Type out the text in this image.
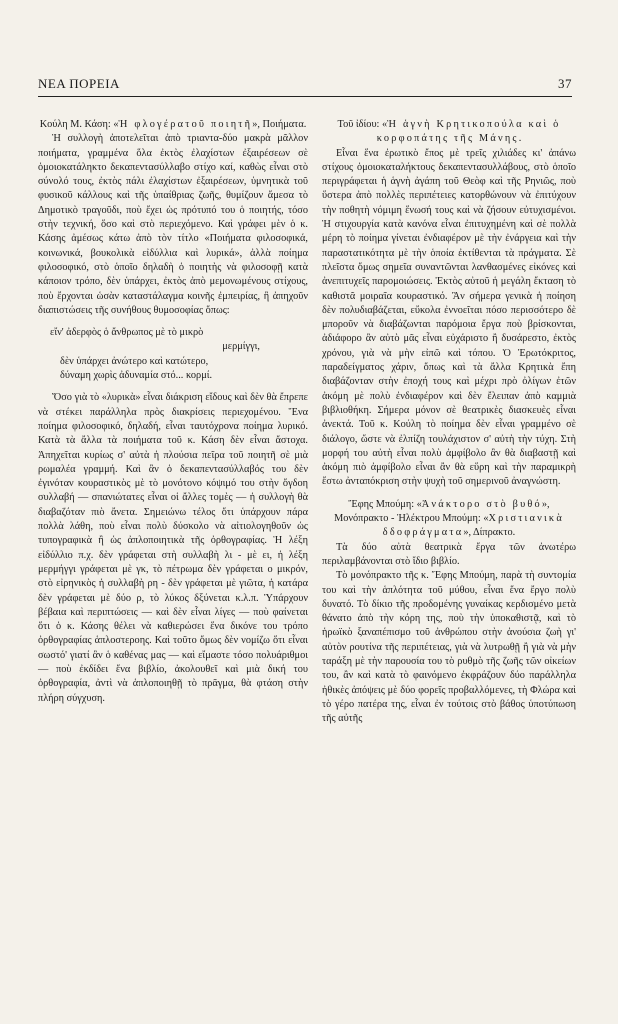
ΝΕΑ ΠΟΡΕΙΑ	37

Κούλη Μ. Κάση: «Ἡ φλογέρατοῦ ποιητῆ», Ποιήματα.

Ἡ συλλογὴ ἀποτελεῖται ἀπὸ τριαντα-δύο μακρὰ μᾶλλον ποιήματα, γραμμένα ὅλα ἐκτὸς ἐλαχίστων ἐξαιρέσεων σὲ ὁμοιοκατάληκτο δεκαπεντασύλλαβο στίχο καί, καθὼς εἶναι στὸ σύνολό τους, ἐκτὸς πάλι ἐλαχίστων ἐξαιρέσεων, ὑμνητικὰ τοῦ φυσικοῦ κάλλους καὶ τῆς ὑπαίθριας ζωῆς, θυμίζουν ἄμεσα τὸ Δημοτικὸ τραγοῦδι, ποὺ ἔχει ὡς πρότυπό του ὁ ποιητής, τόσο στὴν τεχνική, ὅσο καὶ στὸ περιεχόμενο. Καὶ γράφει μὲν ὁ κ. Κάσης ἀμέσως κάτω ἀπὸ τὸν τίτλο «Ποιήματα φιλοσοφικά, κοινωνικά, βουκολικὰ εἰδύλλια καὶ λυρικά», ἀλλὰ ποίημα φιλοσοφικό, στὸ ὁποῖο δηλαδὴ ὁ ποιητὴς νὰ φιλοσοφῇ κατὰ κάποιον τρόπο, δὲν ὑπάρχει, ἐκτὸς ἀπὸ μεμονωμένους στίχους, ποὺ ἔρχονται ὡσὰν καταστάλαγμα κοινῆς ἐμπειρίας, ἢ ἀπηχοῦν διαπιστώσεις τῆς συνήθους θυμοσοφίας ὅπως:

εἴν' ἀδερφὸς ὁ ἄνθρωπος μὲ τὸ μικρὸ
μερμίγγι,
δὲν ὑπάρχει ἀνώτερο καὶ κατώτερο,
δύναμη χωρὶς ἀδυναμία στό... κορμί.

Ὅσο γιὰ τὸ «λυρικὰ» εἶναι διάκριση εἴδους καὶ δὲν θὰ ἔπρεπε νὰ στέκει παράλληλα πρὸς διακρίσεις περιεχομένου. Ἕνα ποίημα φιλοσοφικό, δηλαδή, εἶναι ταυτόχρονα ποίημα λυρικό. Κατὰ τὰ ἄλλα τὰ ποιήματα τοῦ κ. Κάση δὲν εἶναι ἄστοχα. Ἀπηχεῖται κυρίως σ' αὐτὰ ἡ πλούσια πεῖρα τοῦ ποιητῆ σὲ μιὰ ρωμαλέα γραμμή. Καὶ ἂν ὁ δεκαπεντασύλλαβός του δὲν ἐγινόταν κουραστικὸς μὲ τὸ μονότονο κόψιμό του στὴν ὄγδοη συλλαβή — σπανιώτατες εἶναι οἱ ἄλλες τομὲς — ἡ συλλογὴ θὰ διαβαζόταν πιὸ ἄνετα. Σημειώνω τέλος ὅτι ὑπάρχουν πάρα πολλὰ λάθη, ποὺ εἶναι πολὺ δύσκολο νὰ αἰτιολογηθοῦν ὡς τυπογραφικὰ ἢ ὡς ἀπλοποιητικὰ τῆς ὀρθογραφίας. Ἡ λέξη εἰδύλλιο π.χ. δὲν γράφεται στὴ συλλαβὴ λι - μὲ ει, ἡ λέξη μερμήγγι γράφεται μὲ γκ, τὸ πέτρωμα δὲν γράφεται ο μικρόν, στὸ εἰρηνικὸς ἡ συλλαβὴ ρη - δὲν γράφεται μὲ γιῶτα, ἡ κατάρα δὲν γράφεται μὲ δύο ρ, τὸ λύκος δξύνεται κ.λ.π. Ὑπάρχουν βέβαια καὶ περιπτώσεις — καὶ δὲν εἶναι λίγες — ποὺ φαίνεται ὅτι ὁ κ. Κάσης θέλει νὰ καθιερώσει ἕνα δικόνε του τρόπο ὀρθογραφίας ἁπλοστεροης. Καὶ τοῦτο ὅμως δὲν νομίζω ὅτι εἶναι σωστό' γιατί ἂν ὁ καθένας μας — καὶ εἴμαστε τόσο πολυάριθμοι — ποὺ ἐκδίδει ἕνα βιβλίο, ἀκολουθεῖ καὶ μιὰ δική του ὀρθογραφία, ἀντὶ νὰ ἁπλοποιηθῇ τὸ πρᾶγμα, θὰ φτάση στὴν πλήρη σύγχυση.

Τοῦ ἰδίου: «Ἡ ἁγνὴ Κρητικοπούλα καὶ ὁ κορφοπάτης τῆς Μάνης.

Εἶναι ἕνα ἐρωτικὸ ἔπος μὲ τρεῖς χιλιάδες κι' ἀπάνω στίχους ὁμοιοκαταλήκτους δεκαπεντασυλλάβους, στὸ ὁποῖο περιγράφεται ἡ ἁγνὴ ἀγάπη τοῦ Θεὸφ καὶ τῆς Ρηνιῶς, ποὺ ὕστερα ἀπὸ πολλὲς περιπέτειες κατορθώνουν νὰ ἐπιτύχουν τὴν ποθητὴ νόμιμη ἕνωσή τους καὶ νὰ ζήσουν εὐτυχισμένοι. Ἡ στιχουργία κατὰ κανόνα εἶναι ἐπιτυχημένη καὶ σὲ πολλὰ μέρη τὸ ποίημα γίνεται ἐνδιαφέρον μὲ τὴν ἐνάργεια καὶ τὴν παραστατικότητα μὲ τὴν ὁποία ἐκτίθενται τὰ πράγματα. Σὲ πλεῖστα ὅμως σημεῖα συναντῶνται λανθασμένες εἰκόνες καὶ ἀνεπιτυχεῖς παρομοιώσεις. Ἐκτὸς αὐτοῦ ἡ μεγάλη ἔκταση τὸ καθιστᾶ μοιραῖα κουραστικό. Ἂν σήμερα γενικὰ ἡ ποίηση δὲν πολυδιαβάζεται, εὔκολα ἐννοεῖται πόσο περισσότερο δὲ μποροῦν νὰ διαβάζωνται παρόμοια ἔργα ποὺ βρίσκονται, ἀδιάφορο ἂν αὐτὸ μᾶς εἶναι εὐχάριστο ἢ δυσάρεστο, ἐκτὸς χρόνου, γιὰ νὰ μὴν εἰπῶ καὶ τόπου. Ὁ Ἐρωτόκριτος, παραδείγματος χάριν, ὅπως καὶ τὰ ἄλλα Κρητικὰ ἔπη διαβάζονταν στὴν ἐποχή τους καὶ μέχρι πρὸ ὀλίγων ἐτῶν ἀκόμη μὲ πολὺ ἐνδιαφέρον καὶ δὲν ἔλειπαν ἀπὸ καμμιὰ βιβλιοθήκη. Σήμερα μόνον σὲ θεατρικὲς διασκευὲς εἶναι ἀνεκτά. Τοῦ κ. Κούλη τὸ ποίημα δὲν εἶναι γραμμένο σὲ διάλογο, ὥστε νὰ ἐλπίζη τουλάχιστον σ' αὐτὴ τὴν τύχη. Στὴ μορφή του αὐτὴ εἶναι πολὺ ἀμφίβολο ἂν θὰ διαβαστῇ καὶ ἀκόμη πιὸ ἀμφίβολο εἶναι ἂν θὰ εὕρη καὶ τὴν παραμικρὴ ἔστω ἀνταπόκριση στὴν ψυχὴ τοῦ σημερινοῦ ἀναγνώστη.

Ἔφης Μπούμη: «Ἀνάκτορο στὸ βυθό», Μονόπρακτο - Ἠλέκτρου Μπούμη: «Χριστιανικὰ δδοφράγματα», Δίπρακτο.

Τὰ δύο αὐτὰ θεατρικὰ ἔργα τῶν ἀνωτέρω περιλαμβάνονται στὸ ἴδιο βιβλίο.

Τὸ μονόπρακτο τῆς κ. Ἔφης Μπούμη, παρὰ τὴ συντομία του καὶ τὴν ἁπλότητα τοῦ μύθου, εἶναι ἕνα ἔργο πολὺ δυνατό. Τὸ δίκιο τῆς προδομένης γυναίκας κερδισμένο μετὰ θάνατο ἀπὸ τὴν κόρη της, ποὺ τὴν ὑποκαθιστᾷ, καὶ τὸ ἡρωϊκὸ ξαναπέπισμο τοῦ ἀνθρώπου στὴν ἀνούσια ζωὴ γι' αὐτὸν ρουτίνα τῆς περιπέτειας, γιὰ νὰ λυτρωθῇ ἢ γιὰ νὰ μὴν ταράξη μὲ τὴν παρουσία του τὸ ρυθμὸ τῆς ζωῆς τῶν οἰκείων του, ἂν καὶ κατὰ τὸ φαινόμενο ἐκφράζουν δύο παράλληλα ἠθικὲς ἀπόψεις μὲ δύο φορεῖς προβαλλόμενες, τὴ Φλώρα καὶ τὸ γέρο πατέρα της, εἶναι ἐν τούτοις στὸ βάθος ὑποτύπωση τῆς αὐτῆς
